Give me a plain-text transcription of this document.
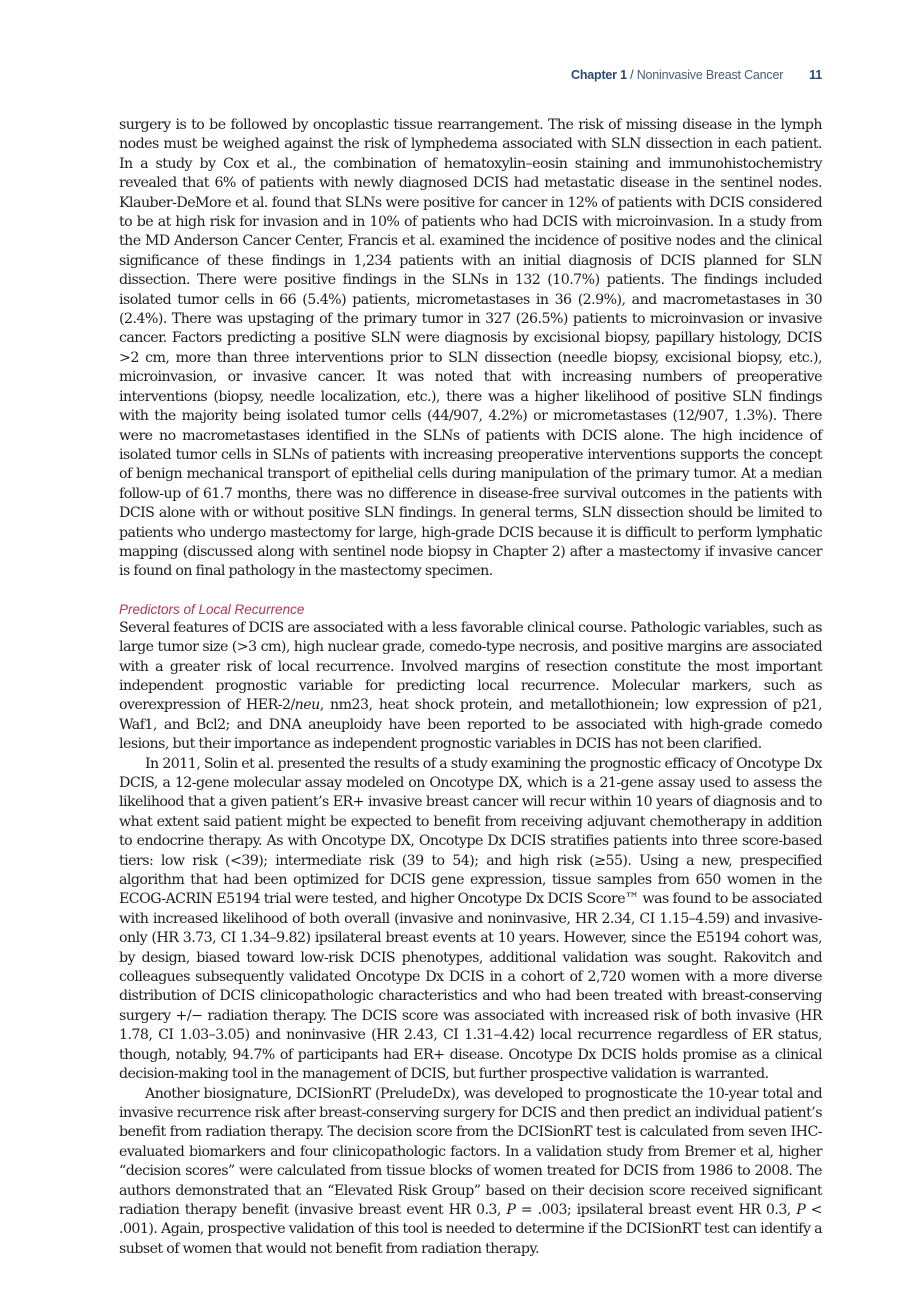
Chapter 1 / Noninvasive Breast Cancer 11

surgery is to be followed by oncoplastic tissue rearrangement. The risk of missing disease in the lymph nodes must be weighed against the risk of lymphedema associated with SLN dissection in each patient. In a study by Cox et al., the combination of hematoxylin–eosin staining and immunohistochemistry revealed that 6% of patients with newly diagnosed DCIS had metastatic disease in the sentinel nodes. Klauber-DeMore et al. found that SLNs were positive for cancer in 12% of patients with DCIS considered to be at high risk for invasion and in 10% of patients who had DCIS with microinvasion. In a study from the MD Anderson Cancer Center, Francis et al. examined the incidence of positive nodes and the clinical significance of these findings in 1,234 patients with an initial diagnosis of DCIS planned for SLN dissection. There were positive findings in the SLNs in 132 (10.7%) patients. The findings included isolated tumor cells in 66 (5.4%) patients, micrometastases in 36 (2.9%), and macrometastases in 30 (2.4%). There was upstaging of the primary tumor in 327 (26.5%) patients to microinvasion or invasive cancer. Factors predicting a positive SLN were diagnosis by excisional biopsy, papillary histology, DCIS >2 cm, more than three interventions prior to SLN dissection (needle biopsy, excisional biopsy, etc.), microinvasion, or invasive cancer. It was noted that with increasing numbers of preoperative interventions (biopsy, needle localization, etc.), there was a higher likelihood of positive SLN findings with the majority being isolated tumor cells (44/907, 4.2%) or micrometastases (12/907, 1.3%). There were no macrometastases identified in the SLNs of patients with DCIS alone. The high incidence of isolated tumor cells in SLNs of patients with increasing preoperative interventions supports the concept of benign mechanical transport of epithelial cells during manipulation of the primary tumor. At a median follow-up of 61.7 months, there was no difference in disease-free survival outcomes in the patients with DCIS alone with or without positive SLN findings. In general terms, SLN dissection should be limited to patients who undergo mastectomy for large, high-grade DCIS because it is difficult to perform lymphatic mapping (discussed along with sentinel node biopsy in Chapter 2) after a mastectomy if invasive cancer is found on final pathology in the mastectomy specimen.

Predictors of Local Recurrence

Several features of DCIS are associated with a less favorable clinical course. Pathologic variables, such as large tumor size (>3 cm), high nuclear grade, comedo-type necrosis, and positive margins are associated with a greater risk of local recurrence. Involved margins of resection constitute the most important independent prognostic variable for predicting local recurrence. Molecular markers, such as overexpression of HER-2/neu, nm23, heat shock protein, and metallothionein; low expression of p21, Waf1, and Bcl2; and DNA aneuploidy have been reported to be associated with high-grade comedo lesions, but their importance as independent prognostic variables in DCIS has not been clarified.

In 2011, Solin et al. presented the results of a study examining the prognostic efficacy of Oncotype Dx DCIS, a 12-gene molecular assay modeled on Oncotype DX, which is a 21-gene assay used to assess the likelihood that a given patient’s ER+ invasive breast cancer will recur within 10 years of diagnosis and to what extent said patient might be expected to benefit from receiving adjuvant chemotherapy in addition to endocrine therapy. As with Oncotype DX, Oncotype Dx DCIS stratifies patients into three score-based tiers: low risk (<39); intermediate risk (39 to 54); and high risk (≥55). Using a new, prespecified algorithm that had been optimized for DCIS gene expression, tissue samples from 650 women in the ECOG-ACRIN E5194 trial were tested, and higher Oncotype Dx DCIS Score™ was found to be associated with increased likelihood of both overall (invasive and noninvasive, HR 2.34, CI 1.15–4.59) and invasive-only (HR 3.73, CI 1.34–9.82) ipsilateral breast events at 10 years. However, since the E5194 cohort was, by design, biased toward low-risk DCIS phenotypes, additional validation was sought. Rakovitch and colleagues subsequently validated Oncotype Dx DCIS in a cohort of 2,720 women with a more diverse distribution of DCIS clinicopathologic characteristics and who had been treated with breast-conserving surgery +/− radiation therapy. The DCIS score was associated with increased risk of both invasive (HR 1.78, CI 1.03–3.05) and noninvasive (HR 2.43, CI 1.31–4.42) local recurrence regardless of ER status, though, notably, 94.7% of participants had ER+ disease. Oncotype Dx DCIS holds promise as a clinical decision-making tool in the management of DCIS, but further prospective validation is warranted.

Another biosignature, DCISionRT (PreludeDx), was developed to prognosticate the 10-year total and invasive recurrence risk after breast-conserving surgery for DCIS and then predict an individual patient’s benefit from radiation therapy. The decision score from the DCISionRT test is calculated from seven IHC-evaluated biomarkers and four clinicopathologic factors. In a validation study from Bremer et al, higher “decision scores” were calculated from tissue blocks of women treated for DCIS from 1986 to 2008. The authors demonstrated that an “Elevated Risk Group” based on their decision score received significant radiation therapy benefit (invasive breast event HR 0.3, P = .003; ipsilateral breast event HR 0.3, P < .001). Again, prospective validation of this tool is needed to determine if the DCISionRT test can identify a subset of women that would not benefit from radiation therapy.
